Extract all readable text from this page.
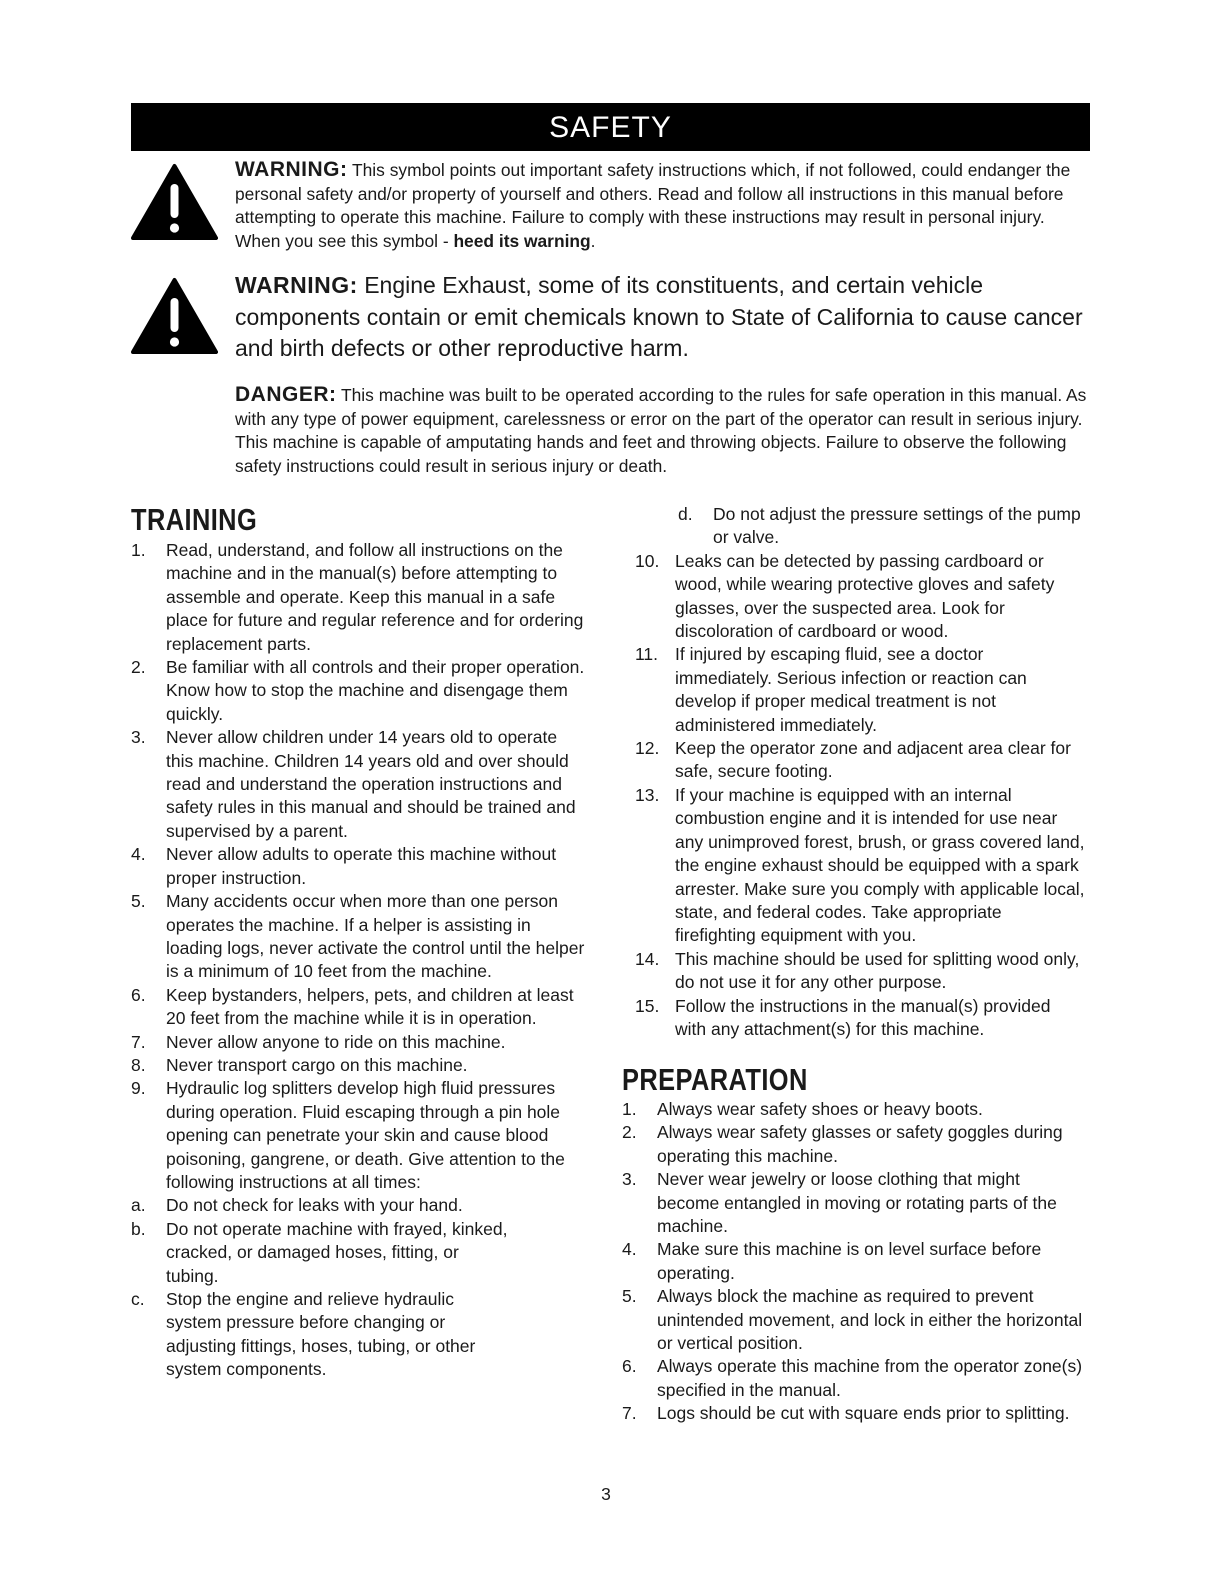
SAFETY
WARNING: This symbol points out important safety instructions which, if not followed, could endanger the personal safety and/or property of yourself and others. Read and follow all instructions in this manual before attempting to operate this machine. Failure to comply with these instructions may result in personal injury. When you see this symbol - heed its warning.
WARNING: Engine Exhaust, some of its constituents, and certain vehicle components contain or emit chemicals known to State of California to cause cancer and birth defects or other reproductive harm.
DANGER: This machine was built to be operated according to the rules for safe operation in this manual. As with any type of power equipment, carelessness or error on the part of the operator can result in serious injury. This machine is capable of amputating hands and feet and throwing objects. Failure to observe the following safety instructions could result in serious injury or death.
TRAINING
1. Read, understand, and follow all instructions on the machine and in the manual(s) before attempting to assemble and operate. Keep this manual in a safe place for future and regular reference and for ordering replacement parts.
2. Be familiar with all controls and their proper operation. Know how to stop the machine and disengage them quickly.
3. Never allow children under 14 years old to operate this machine. Children 14 years old and over should read and understand the operation instructions and safety rules in this manual and should be trained and supervised by a parent.
4. Never allow adults to operate this machine without proper instruction.
5. Many accidents occur when more than one person operates the machine. If a helper is assisting in loading logs, never activate the control until the helper is a minimum of 10 feet from the machine.
6. Keep bystanders, helpers, pets, and children at least 20 feet from the machine while it is in operation.
7. Never allow anyone to ride on this machine.
8. Never transport cargo on this machine.
9. Hydraulic log splitters develop high fluid pressures during operation. Fluid escaping through a pin hole opening can penetrate your skin and cause blood poisoning, gangrene, or death. Give attention to the following instructions at all times:
a. Do not check for leaks with your hand.
b. Do not operate machine with frayed, kinked, cracked, or damaged hoses, fitting, or tubing.
c. Stop the engine and relieve hydraulic system pressure before changing or adjusting fittings, hoses, tubing, or other system components.
d. Do not adjust the pressure settings of the pump or valve.
10. Leaks can be detected by passing cardboard or wood, while wearing protective gloves and safety glasses, over the suspected area. Look for discoloration of cardboard or wood.
11. If injured by escaping fluid, see a doctor immediately. Serious infection or reaction can develop if proper medical treatment is not administered immediately.
12. Keep the operator zone and adjacent area clear for safe, secure footing.
13. If your machine is equipped with an internal combustion engine and it is intended for use near any unimproved forest, brush, or grass covered land, the engine exhaust should be equipped with a spark arrester. Make sure you comply with applicable local, state, and federal codes. Take appropriate firefighting equipment with you.
14. This machine should be used for splitting wood only, do not use it for any other purpose.
15. Follow the instructions in the manual(s) provided with any attachment(s) for this machine.
PREPARATION
1. Always wear safety shoes or heavy boots.
2. Always wear safety glasses or safety goggles during operating this machine.
3. Never wear jewelry or loose clothing that might become entangled in moving or rotating parts of the machine.
4. Make sure this machine is on level surface before operating.
5. Always block the machine as required to prevent unintended movement, and lock in either the horizontal or vertical position.
6. Always operate this machine from the operator zone(s) specified in the manual.
7. Logs should be cut with square ends prior to splitting.
3
